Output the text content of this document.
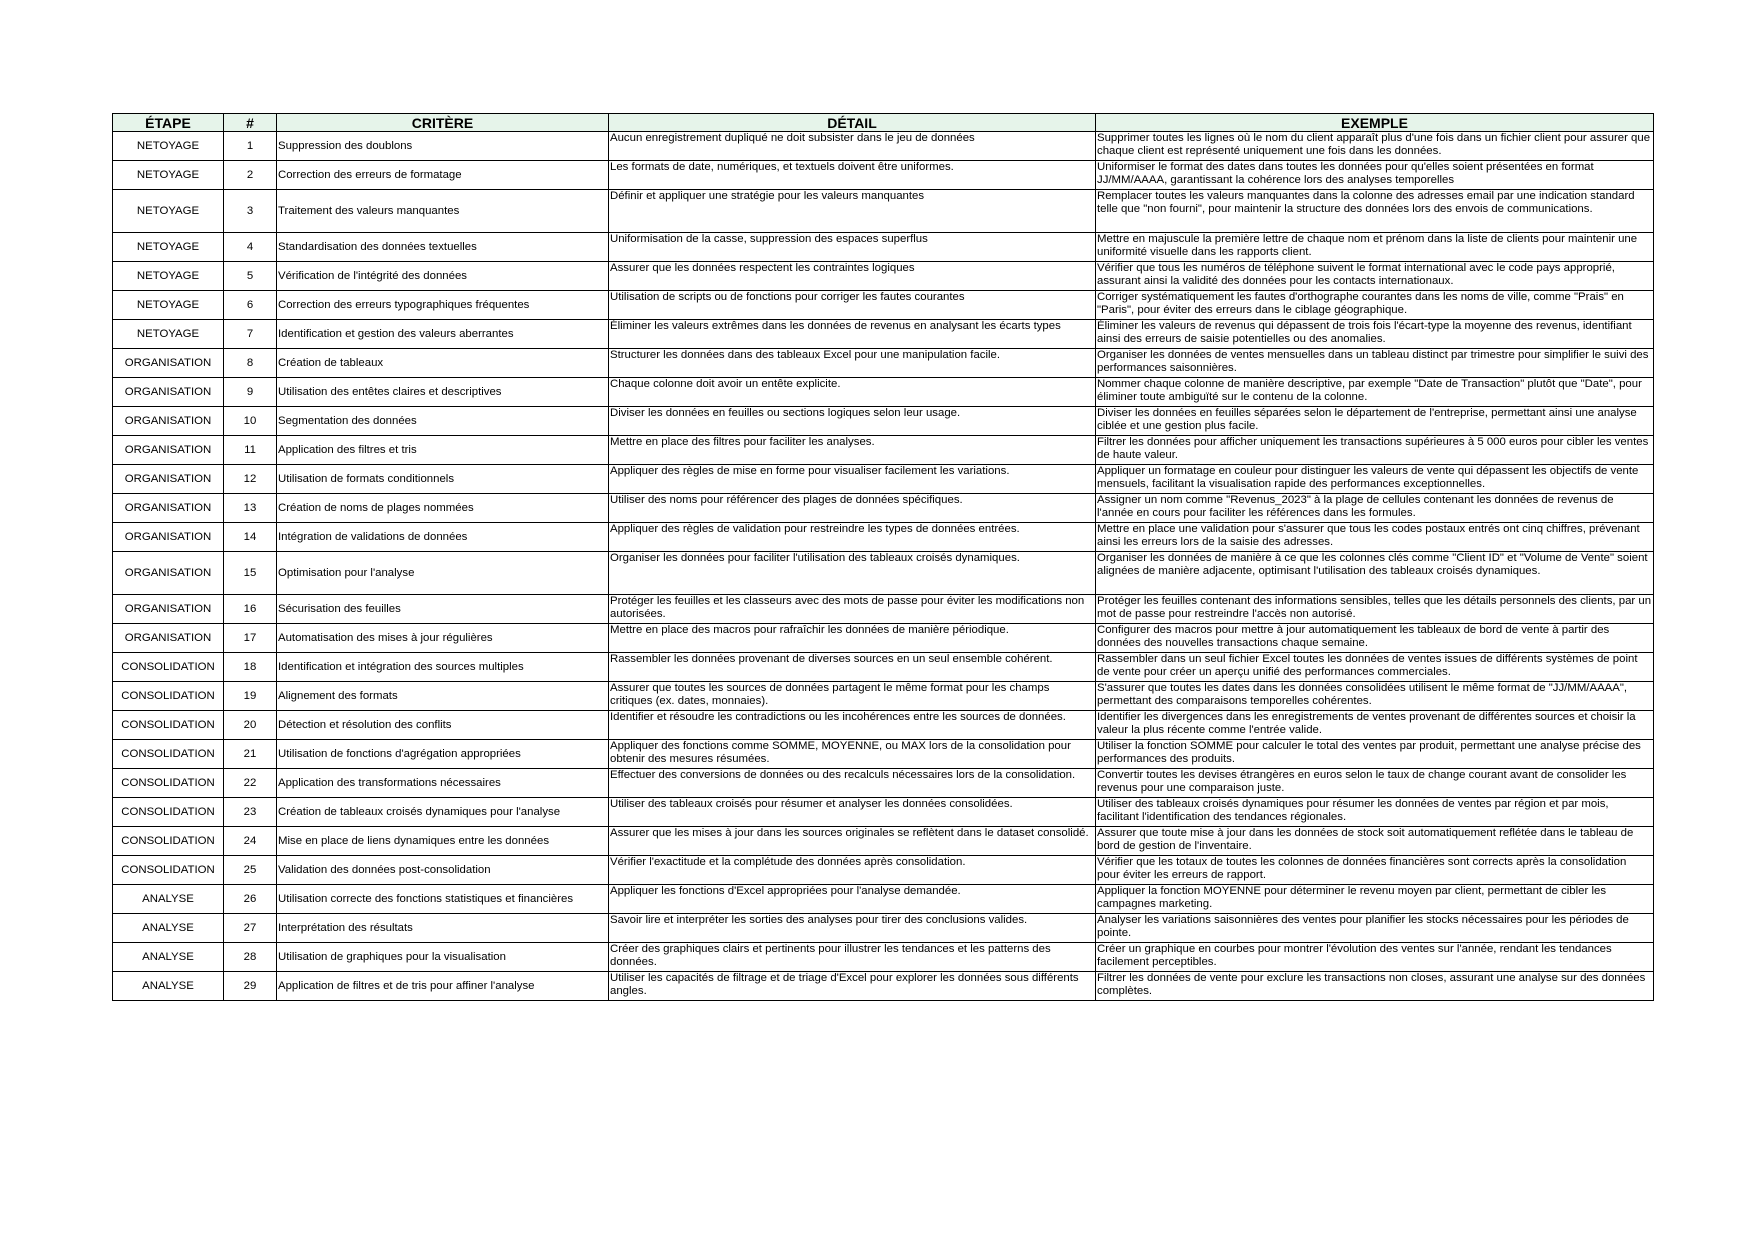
ÉTAPE	#	CRITÈRE	DÉTAIL	EXEMPLE
NETOYAGE	1	Suppression des doublons	Aucun enregistrement dupliqué ne doit subsister dans le jeu de données	Supprimer toutes les lignes où le nom du client apparaît plus d'une fois dans un fichier client pour assurer que chaque client est représenté uniquement une fois dans les données.
NETOYAGE	2	Correction des erreurs de formatage	Les formats de date, numériques, et textuels doivent être uniformes.	Uniformiser le format des dates dans toutes les données pour qu'elles soient présentées en format JJ/MM/AAAA, garantissant la cohérence lors des analyses temporelles
NETOYAGE	3	Traitement des valeurs manquantes	Définir et appliquer une stratégie pour les valeurs manquantes	Remplacer toutes les valeurs manquantes dans la colonne des adresses email par une indication standard telle que "non fourni", pour maintenir la structure des données lors des envois de communications.
NETOYAGE	4	Standardisation des données textuelles	Uniformisation de la casse, suppression des espaces superflus	Mettre en majuscule la première lettre de chaque nom et prénom dans la liste de clients pour maintenir une uniformité visuelle dans les rapports client.
NETOYAGE	5	Vérification de l'intégrité des données	Assurer que les données respectent les contraintes logiques	Vérifier que tous les numéros de téléphone suivent le format international avec le code pays approprié, assurant ainsi la validité des données pour les contacts internationaux.
NETOYAGE	6	Correction des erreurs typographiques fréquentes	Utilisation de scripts ou de fonctions pour corriger les fautes courantes	Corriger systématiquement les fautes d'orthographe courantes dans les noms de ville, comme "Prais" en "Paris", pour éviter des erreurs dans le ciblage géographique.
NETOYAGE	7	Identification et gestion des valeurs aberrantes	Éliminer les valeurs extrêmes dans les données de revenus en analysant les écarts types	Éliminer les valeurs de revenus qui dépassent de trois fois l'écart-type la moyenne des revenus, identifiant ainsi des erreurs de saisie potentielles ou des anomalies.
ORGANISATION	8	Création de tableaux	Structurer les données dans des tableaux Excel pour une manipulation facile.	Organiser les données de ventes mensuelles dans un tableau distinct par trimestre pour simplifier le suivi des performances saisonnières.
ORGANISATION	9	Utilisation des entêtes claires et descriptives	Chaque colonne doit avoir un entête explicite.	Nommer chaque colonne de manière descriptive, par exemple "Date de Transaction" plutôt que "Date", pour éliminer toute ambiguïté sur le contenu de la colonne.
ORGANISATION	10	Segmentation des données	Diviser les données en feuilles ou sections logiques selon leur usage.	Diviser les données en feuilles séparées selon le département de l'entreprise, permettant ainsi une analyse ciblée et une gestion plus facile.
ORGANISATION	11	Application des filtres et tris	Mettre en place des filtres pour faciliter les analyses.	Filtrer les données pour afficher uniquement les transactions supérieures à 5 000 euros pour cibler les ventes de haute valeur.
ORGANISATION	12	Utilisation de formats conditionnels	Appliquer des règles de mise en forme pour visualiser facilement les variations.	Appliquer un formatage en couleur pour distinguer les valeurs de vente qui dépassent les objectifs de vente mensuels, facilitant la visualisation rapide des performances exceptionnelles.
ORGANISATION	13	Création de noms de plages nommées	Utiliser des noms pour référencer des plages de données spécifiques.	Assigner un nom comme "Revenus_2023" à la plage de cellules contenant les données de revenus de l'année en cours pour faciliter les références dans les formules.
ORGANISATION	14	Intégration de validations de données	Appliquer des règles de validation pour restreindre les types de données entrées.	Mettre en place une validation pour s'assurer que tous les codes postaux entrés ont cinq chiffres, prévenant ainsi les erreurs lors de la saisie des adresses.
ORGANISATION	15	Optimisation pour l'analyse	Organiser les données pour faciliter l'utilisation des tableaux croisés dynamiques.	Organiser les données de manière à ce que les colonnes clés comme "Client ID" et "Volume de Vente" soient alignées de manière adjacente, optimisant l'utilisation des tableaux croisés dynamiques.
ORGANISATION	16	Sécurisation des feuilles	Protéger les feuilles et les classeurs avec des mots de passe pour éviter les modifications non autorisées.	Protéger les feuilles contenant des informations sensibles, telles que les détails personnels des clients, par un mot de passe pour restreindre l'accès non autorisé.
ORGANISATION	17	Automatisation des mises à jour régulières	Mettre en place des macros pour rafraîchir les données de manière périodique.	Configurer des macros pour mettre à jour automatiquement les tableaux de bord de vente à partir des données des nouvelles transactions chaque semaine.
CONSOLIDATION	18	Identification et intégration des sources multiples	Rassembler les données provenant de diverses sources en un seul ensemble cohérent.	Rassembler dans un seul fichier Excel toutes les données de ventes issues de différents systèmes de point de vente pour créer un aperçu unifié des performances commerciales.
CONSOLIDATION	19	Alignement des formats	Assurer que toutes les sources de données partagent le même format pour les champs critiques (ex. dates, monnaies).	S'assurer que toutes les dates dans les données consolidées utilisent le même format de "JJ/MM/AAAA", permettant des comparaisons temporelles cohérentes.
CONSOLIDATION	20	Détection et résolution des conflits	Identifier et résoudre les contradictions ou les incohérences entre les sources de données.	Identifier les divergences dans les enregistrements de ventes provenant de différentes sources et choisir la valeur la plus récente comme l'entrée valide.
CONSOLIDATION	21	Utilisation de fonctions d'agrégation appropriées	Appliquer des fonctions comme SOMME, MOYENNE, ou MAX lors de la consolidation pour obtenir des mesures résumées.	Utiliser la fonction SOMME pour calculer le total des ventes par produit, permettant une analyse précise des performances des produits.
CONSOLIDATION	22	Application des transformations nécessaires	Effectuer des conversions de données ou des recalculs nécessaires lors de la consolidation.	Convertir toutes les devises étrangères en euros selon le taux de change courant avant de consolider les revenus pour une comparaison juste.
CONSOLIDATION	23	Création de tableaux croisés dynamiques pour l'analyse	Utiliser des tableaux croisés pour résumer et analyser les données consolidées.	Utiliser des tableaux croisés dynamiques pour résumer les données de ventes par région et par mois, facilitant l'identification des tendances régionales.
CONSOLIDATION	24	Mise en place de liens dynamiques entre les données	Assurer que les mises à jour dans les sources originales se reflètent dans le dataset consolidé.	Assurer que toute mise à jour dans les données de stock soit automatiquement reflétée dans le tableau de bord de gestion de l'inventaire.
CONSOLIDATION	25	Validation des données post-consolidation	Vérifier l'exactitude et la complétude des données après consolidation.	Vérifier que les totaux de toutes les colonnes de données financières sont corrects après la consolidation pour éviter les erreurs de rapport.
ANALYSE	26	Utilisation correcte des fonctions statistiques et financières	Appliquer les fonctions d'Excel appropriées pour l'analyse demandée.	Appliquer la fonction MOYENNE pour déterminer le revenu moyen par client, permettant de cibler les campagnes marketing.
ANALYSE	27	Interprétation des résultats	Savoir lire et interpréter les sorties des analyses pour tirer des conclusions valides.	Analyser les variations saisonnières des ventes pour planifier les stocks nécessaires pour les périodes de pointe.
ANALYSE	28	Utilisation de graphiques pour la visualisation	Créer des graphiques clairs et pertinents pour illustrer les tendances et les patterns des données.	Créer un graphique en courbes pour montrer l'évolution des ventes sur l'année, rendant les tendances facilement perceptibles.
ANALYSE	29	Application de filtres et de tris pour affiner l'analyse	Utiliser les capacités de filtrage et de triage d'Excel pour explorer les données sous différents angles.	Filtrer les données de vente pour exclure les transactions non closes, assurant une analyse sur des données complètes.
